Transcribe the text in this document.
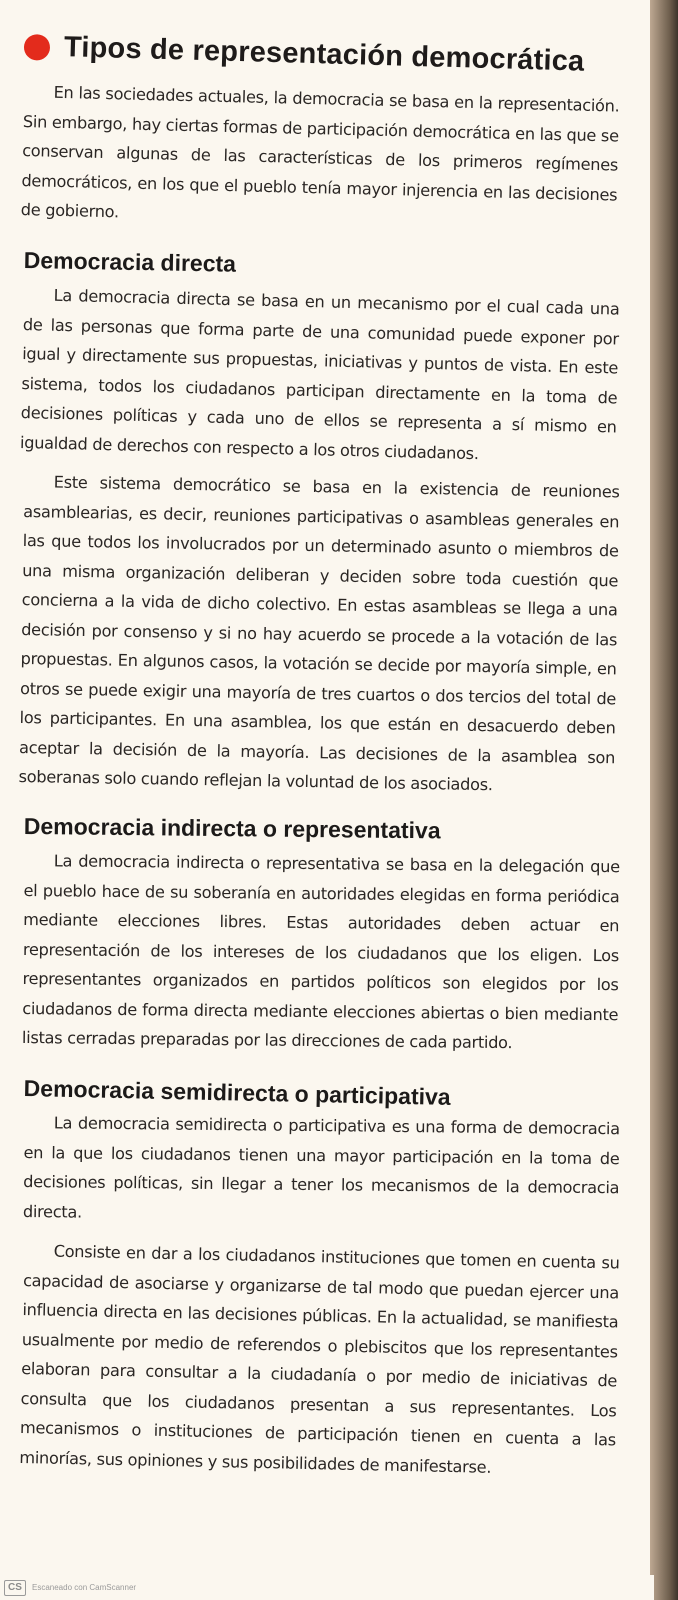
Tipos de representación democrática

En las sociedades actuales, la democracia se basa en la representación. Sin embargo, hay ciertas formas de participación democrática en las que se conservan algunas de las características de los primeros regímenes democráticos, en los que el pueblo tenía mayor injerencia en las decisiones de gobierno.

Democracia directa

La democracia directa se basa en un mecanismo por el cual cada una de las personas que forma parte de una comunidad puede exponer por igual y directamente sus propuestas, iniciativas y puntos de vista. En este sistema, todos los ciudadanos participan directamente en la toma de decisiones políticas y cada uno de ellos se representa a sí mismo en igualdad de derechos con respecto a los otros ciudadanos.

Este sistema democrático se basa en la existencia de reuniones asamblearias, es decir, reuniones participativas o asambleas generales en las que todos los involucrados por un determinado asunto o miembros de una misma organización deliberan y deciden sobre toda cuestión que concierna a la vida de dicho colectivo. En estas asambleas se llega a una decisión por consenso y si no hay acuerdo se procede a la votación de las propuestas. En algunos casos, la votación se decide por mayoría simple, en otros se puede exigir una mayoría de tres cuartos o dos tercios del total de los participantes. En una asamblea, los que están en desacuerdo deben aceptar la decisión de la mayoría. Las decisiones de la asamblea son soberanas solo cuando reflejan la voluntad de los asociados.

Democracia indirecta o representativa

La democracia indirecta o representativa se basa en la delegación que el pueblo hace de su soberanía en autoridades elegidas en forma periódica mediante elecciones libres. Estas autoridades deben actuar en representación de los intereses de los ciudadanos que los eligen. Los representantes organizados en partidos políticos son elegidos por los ciudadanos de forma directa mediante elecciones abiertas o bien mediante listas cerradas preparadas por las direcciones de cada partido.

Democracia semidirecta o participativa

La democracia semidirecta o participativa es una forma de democracia en la que los ciudadanos tienen una mayor participación en la toma de decisiones políticas, sin llegar a tener los mecanismos de la democracia directa.

Consiste en dar a los ciudadanos instituciones que tomen en cuenta su capacidad de asociarse y organizarse de tal modo que puedan ejercer una influencia directa en las decisiones públicas. En la actualidad, se manifiesta usualmente por medio de referendos o plebiscitos que los representantes elaboran para consultar a la ciudadanía o por medio de iniciativas de consulta que los ciudadanos presentan a sus representantes. Los mecanismos o instituciones de participación tienen en cuenta a las minorías, sus opiniones y sus posibilidades de manifestarse.

CS	Escaneado con CamScanner
